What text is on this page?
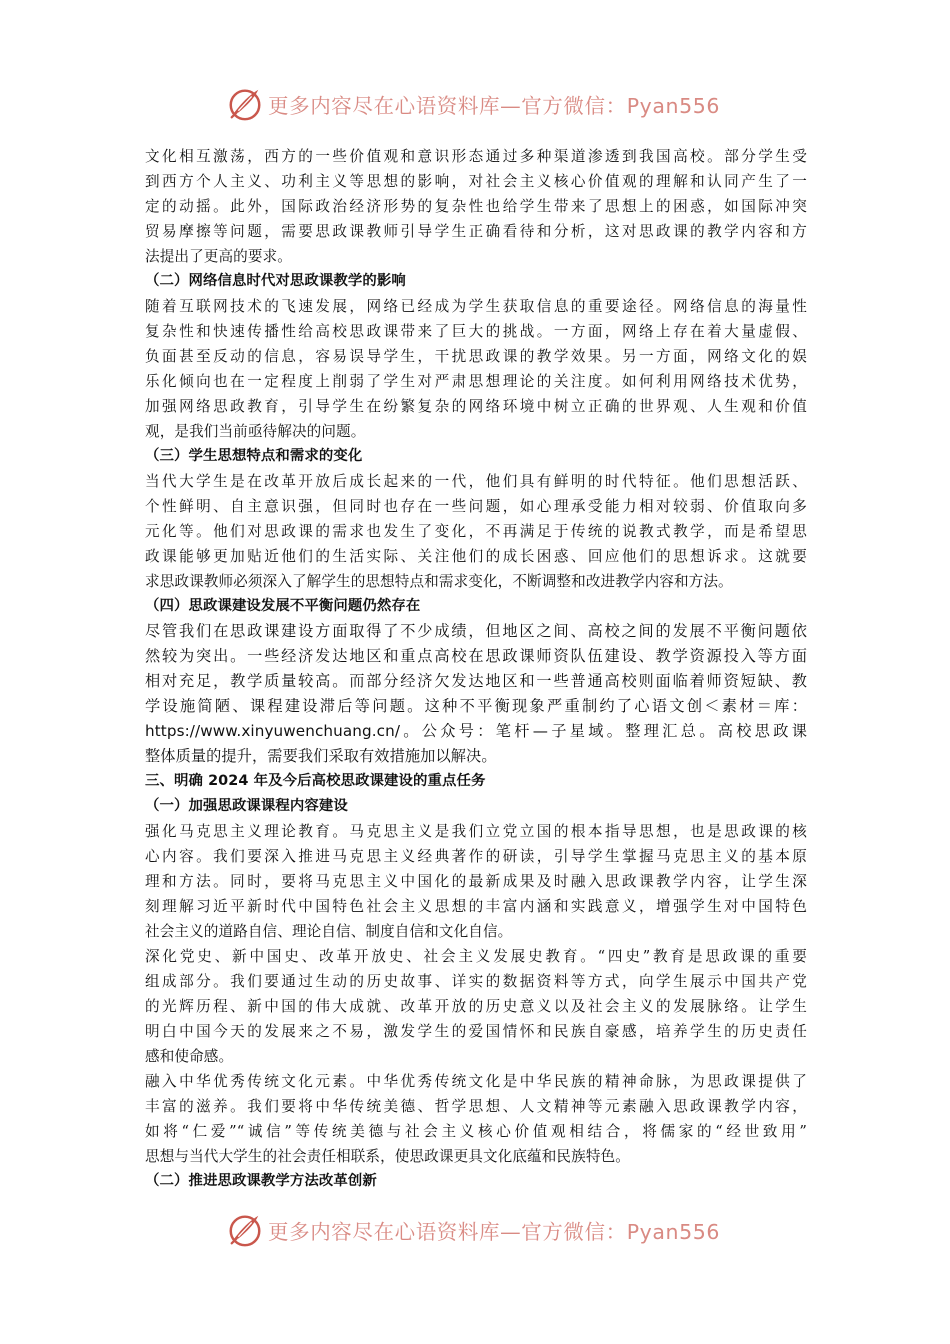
更多内容尽在心语资料库—官方微信：Pyan556
文化相互激荡，西方的一些价值观和意识形态通过多种渠道渗透到我国高校。部分学生受
到西方个人主义、功利主义等思想的影响，对社会主义核心价值观的理解和认同产生了一
定的动摇。此外，国际政治经济形势的复杂性也给学生带来了思想上的困惑，如国际冲突
贸易摩擦等问题，需要思政课教师引导学生正确看待和分析，这对思政课的教学内容和方
法提出了更高的要求。
（二）网络信息时代对思政课教学的影响
随着互联网技术的飞速发展，网络已经成为学生获取信息的重要途径。网络信息的海量性
复杂性和快速传播性给高校思政课带来了巨大的挑战。一方面，网络上存在着大量虚假、
负面甚至反动的信息，容易误导学生，干扰思政课的教学效果。另一方面，网络文化的娱
乐化倾向也在一定程度上削弱了学生对严肃思想理论的关注度。如何利用网络技术优势，
加强网络思政教育，引导学生在纷繁复杂的网络环境中树立正确的世界观、人生观和价值
观，是我们当前亟待解决的问题。
（三）学生思想特点和需求的变化
当代大学生是在改革开放后成长起来的一代，他们具有鲜明的时代特征。他们思想活跃、
个性鲜明、自主意识强，但同时也存在一些问题，如心理承受能力相对较弱、价值取向多
元化等。他们对思政课的需求也发生了变化，不再满足于传统的说教式教学，而是希望思
政课能够更加贴近他们的生活实际、关注他们的成长困惑、回应他们的思想诉求。这就要
求思政课教师必须深入了解学生的思想特点和需求变化，不断调整和改进教学内容和方法。
（四）思政课建设发展不平衡问题仍然存在
尽管我们在思政课建设方面取得了不少成绩，但地区之间、高校之间的发展不平衡问题依
然较为突出。一些经济发达地区和重点高校在思政课师资队伍建设、教学资源投入等方面
相对充足，教学质量较高。而部分经济欠发达地区和一些普通高校则面临着师资短缺、教
学设施简陋、课程建设滞后等问题。这种不平衡现象严重制约了心语文创＜素材＝库：
https://www.xinyuwenchuang.cn/。公众号：笔杆—子星域。整理汇总。高校思政课
整体质量的提升，需要我们采取有效措施加以解决。
三、明确 2024 年及今后高校思政课建设的重点任务
（一）加强思政课课程内容建设
强化马克思主义理论教育。马克思主义是我们立党立国的根本指导思想，也是思政课的核
心内容。我们要深入推进马克思主义经典著作的研读，引导学生掌握马克思主义的基本原
理和方法。同时，要将马克思主义中国化的最新成果及时融入思政课教学内容，让学生深
刻理解习近平新时代中国特色社会主义思想的丰富内涵和实践意义，增强学生对中国特色
社会主义的道路自信、理论自信、制度自信和文化自信。
深化党史、新中国史、改革开放史、社会主义发展史教育。“四史”教育是思政课的重要
组成部分。我们要通过生动的历史故事、详实的数据资料等方式，向学生展示中国共产党
的光辉历程、新中国的伟大成就、改革开放的历史意义以及社会主义的发展脉络。让学生
明白中国今天的发展来之不易，激发学生的爱国情怀和民族自豪感，培养学生的历史责任
感和使命感。
融入中华优秀传统文化元素。中华优秀传统文化是中华民族的精神命脉，为思政课提供了
丰富的滋养。我们要将中华传统美德、哲学思想、人文精神等元素融入思政课教学内容，
如将“仁爱”“诚信”等传统美德与社会主义核心价值观相结合，将儒家的“经世致用”
思想与当代大学生的社会责任相联系，使思政课更具文化底蕴和民族特色。
（二）推进思政课教学方法改革创新
更多内容尽在心语资料库—官方微信：Pyan556
